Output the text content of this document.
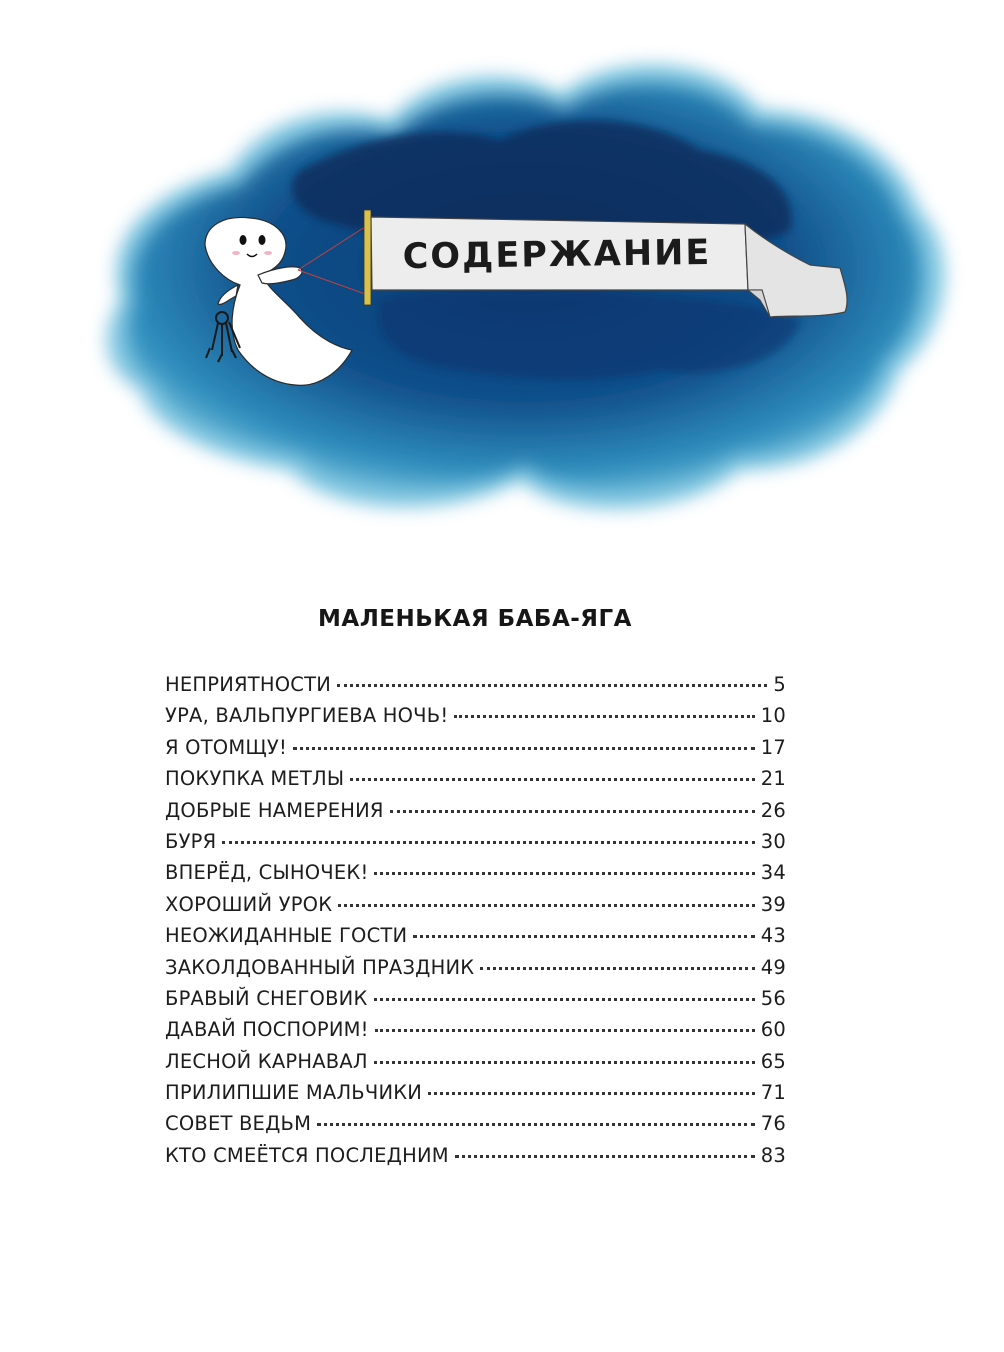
СОДЕРЖАНИЕ
МАЛЕНЬКАЯ БАБА-ЯГА
НЕПРИЯТНОСТИ	5
УРА, ВАЛЬПУРГИЕВА НОЧЬ!	10
Я ОТОМЩУ!	17
ПОКУПКА МЕТЛЫ	21
ДОБРЫЕ НАМЕРЕНИЯ	26
БУРЯ	30
ВПЕРЁД, СЫНОЧЕК!	34
ХОРОШИЙ УРОК	39
НЕОЖИДАННЫЕ ГОСТИ	43
ЗАКОЛДОВАННЫЙ ПРАЗДНИК	49
БРАВЫЙ СНЕГОВИК	56
ДАВАЙ ПОСПОРИМ!	60
ЛЕСНОЙ КАРНАВАЛ	65
ПРИЛИПШИЕ МАЛЬЧИКИ	71
СОВЕТ ВЕДЬМ	76
КТО СМЕЁТСЯ ПОСЛЕДНИМ	83
